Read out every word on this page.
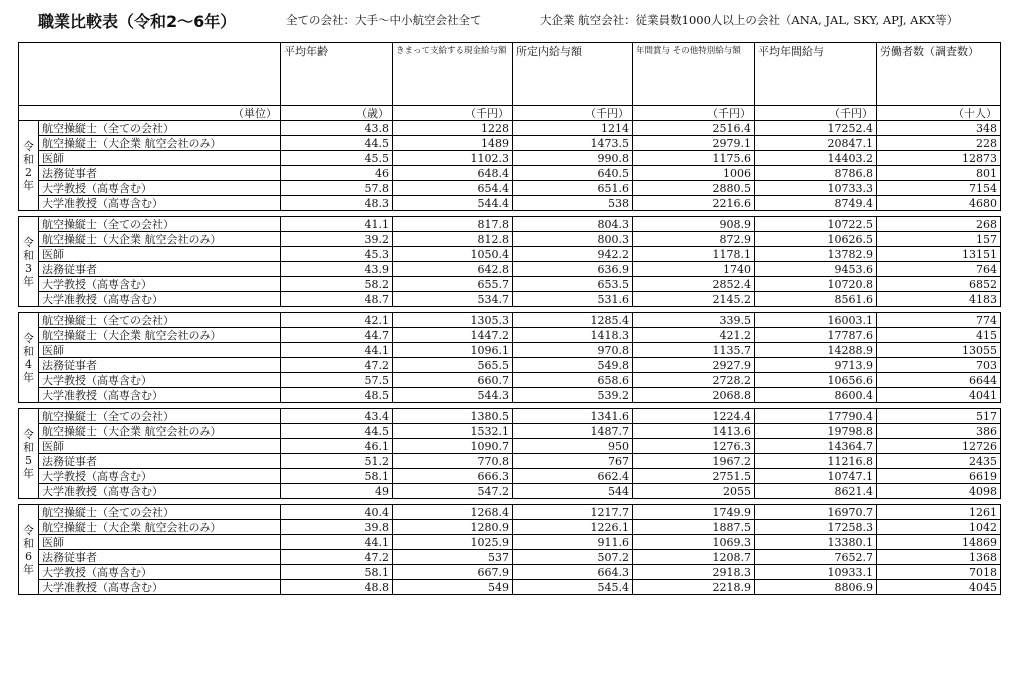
職業比較表（令和2〜6年）	全ての会社：大手〜中小航空会社全て	大企業 航空会社：従業員数1000人以上の会社（ANA, JAL, SKY, APJ, AKX等）
		平均年齢	きまって支給する現金給与額	所定内給与額	年間賞与 その他特別給与額	平均年間給与	労働者数（調査数）
（単位）		（歳）	（千円）	（千円）	（千円）	（千円）	（十人）

令
和
2
年	航空操縦士（全ての会社）	43.8	1228	1214	2516.4	17252.4	348
	航空操縦士（大企業 航空会社のみ）	44.5	1489	1473.5	2979.1	20847.1	228
	医師	45.5	1102.3	990.8	1175.6	14403.2	12873
	法務従事者	46	648.4	640.5	1006	8786.8	801
	大学教授（高専含む）	57.8	654.4	651.6	2880.5	10733.3	7154
	大学准教授（高専含む）	48.3	544.4	538	2216.6	8749.4	4680

令
和
3
年	航空操縦士（全ての会社）	41.1	817.8	804.3	908.9	10722.5	268
	航空操縦士（大企業 航空会社のみ）	39.2	812.8	800.3	872.9	10626.5	157
	医師	45.3	1050.4	942.2	1178.1	13782.9	13151
	法務従事者	43.9	642.8	636.9	1740	9453.6	764
	大学教授（高専含む）	58.2	655.7	653.5	2852.4	10720.8	6852
	大学准教授（高専含む）	48.7	534.7	531.6	2145.2	8561.6	4183

令
和
4
年	航空操縦士（全ての会社）	42.1	1305.3	1285.4	339.5	16003.1	774
	航空操縦士（大企業 航空会社のみ）	44.7	1447.2	1418.3	421.2	17787.6	415
	医師	44.1	1096.1	970.8	1135.7	14288.9	13055
	法務従事者	47.2	565.5	549.8	2927.9	9713.9	703
	大学教授（高専含む）	57.5	660.7	658.6	2728.2	10656.6	6644
	大学准教授（高専含む）	48.5	544.3	539.2	2068.8	8600.4	4041

令
和
5
年	航空操縦士（全ての会社）	43.4	1380.5	1341.6	1224.4	17790.4	517
	航空操縦士（大企業 航空会社のみ）	44.5	1532.1	1487.7	1413.6	19798.8	386
	医師	46.1	1090.7	950	1276.3	14364.7	12726
	法務従事者	51.2	770.8	767	1967.2	11216.8	2435
	大学教授（高専含む）	58.1	666.3	662.4	2751.5	10747.1	6619
	大学准教授（高専含む）	49	547.2	544	2055	8621.4	4098

令
和
6
年	航空操縦士（全ての会社）	40.4	1268.4	1217.7	1749.9	16970.7	1261
	航空操縦士（大企業 航空会社のみ）	39.8	1280.9	1226.1	1887.5	17258.3	1042
	医師	44.1	1025.9	911.6	1069.3	13380.1	14869
	法務従事者	47.2	537	507.2	1208.7	7652.7	1368
	大学教授（高専含む）	58.1	667.9	664.3	2918.3	10933.1	7018
	大学准教授（高専含む）	48.8	549	545.4	2218.9	8806.9	4045
